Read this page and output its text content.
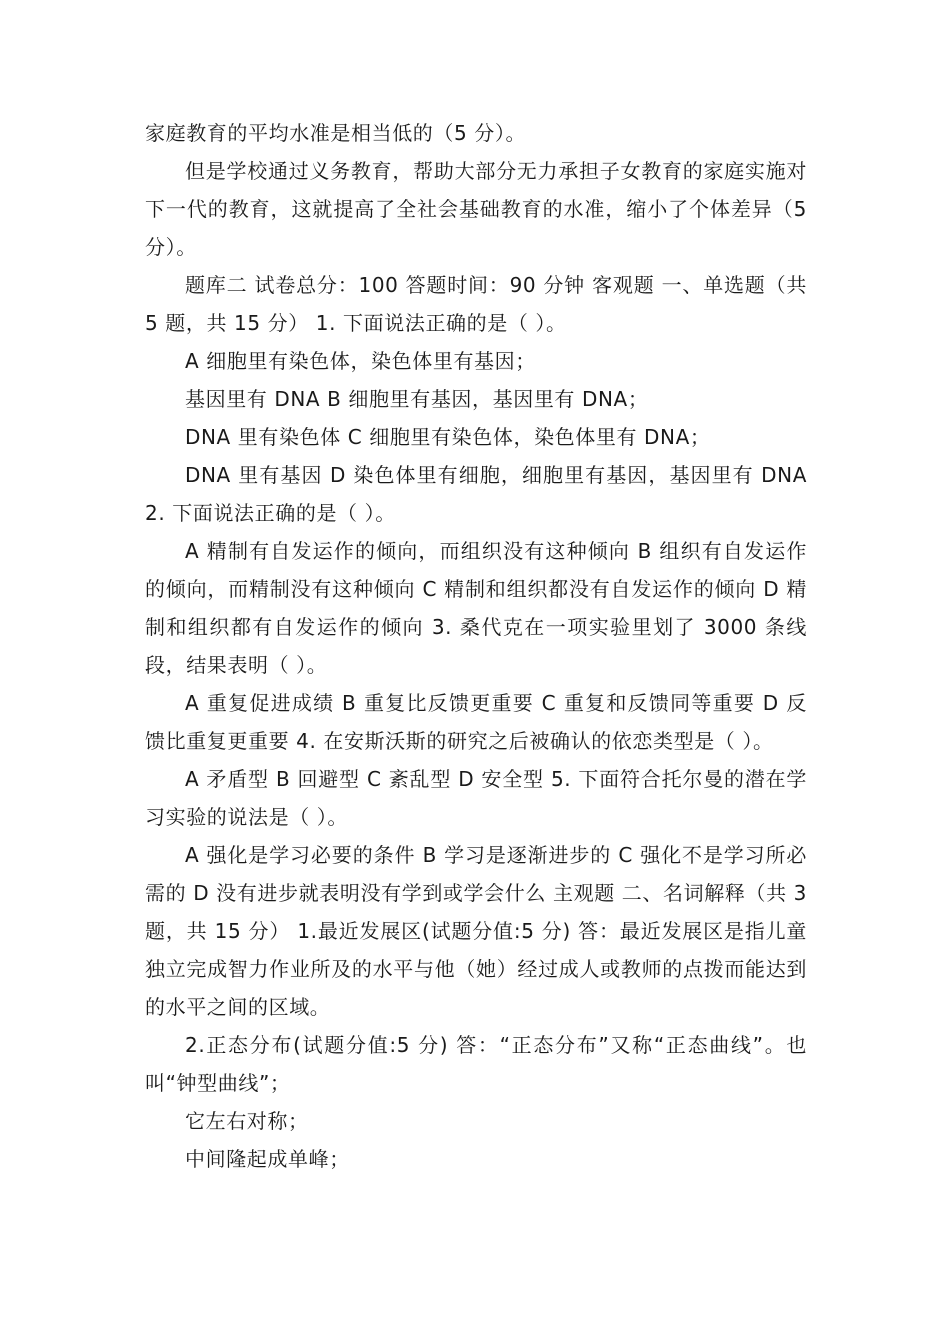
家庭教育的平均水准是相当低的（5 分）。

但是学校通过义务教育，帮助大部分无力承担子女教育的家庭实施对下一代的教育，这就提高了全社会基础教育的水准，缩小了个体差异（5 分）。

题库二 试卷总分：100 答题时间：90 分钟 客观题 一、单选题（共 5 题，共 15 分） 1. 下面说法正确的是（ ）。

A 细胞里有染色体，染色体里有基因；

基因里有 DNA B 细胞里有基因，基因里有 DNA；

DNA 里有染色体 C 细胞里有染色体，染色体里有 DNA；

DNA 里有基因 D 染色体里有细胞，细胞里有基因，基因里有 DNA 2. 下面说法正确的是（ ）。

A 精制有自发运作的倾向，而组织没有这种倾向 B 组织有自发运作的倾向，而精制没有这种倾向 C 精制和组织都没有自发运作的倾向 D 精制和组织都有自发运作的倾向 3. 桑代克在一项实验里划了 3000 条线段，结果表明（ ）。

A 重复促进成绩 B 重复比反馈更重要 C 重复和反馈同等重要 D 反馈比重复更重要 4. 在安斯沃斯的研究之后被确认的依恋类型是（ ）。

A 矛盾型 B 回避型 C 紊乱型 D 安全型 5. 下面符合托尔曼的潜在学习实验的说法是（ ）。

A 强化是学习必要的条件 B 学习是逐渐进步的 C 强化不是学习所必需的 D 没有进步就表明没有学到或学会什么 主观题 二、名词解释（共 3 题，共 15 分） 1.最近发展区(试题分值:5 分) 答：最近发展区是指儿童独立完成智力作业所及的水平与他（她）经过成人或教师的点拨而能达到的水平之间的区域。

2.正态分布(试题分值:5 分) 答：“正态分布”又称“正态曲线”。也叫“钟型曲线”；

它左右对称；

中间隆起成单峰；
